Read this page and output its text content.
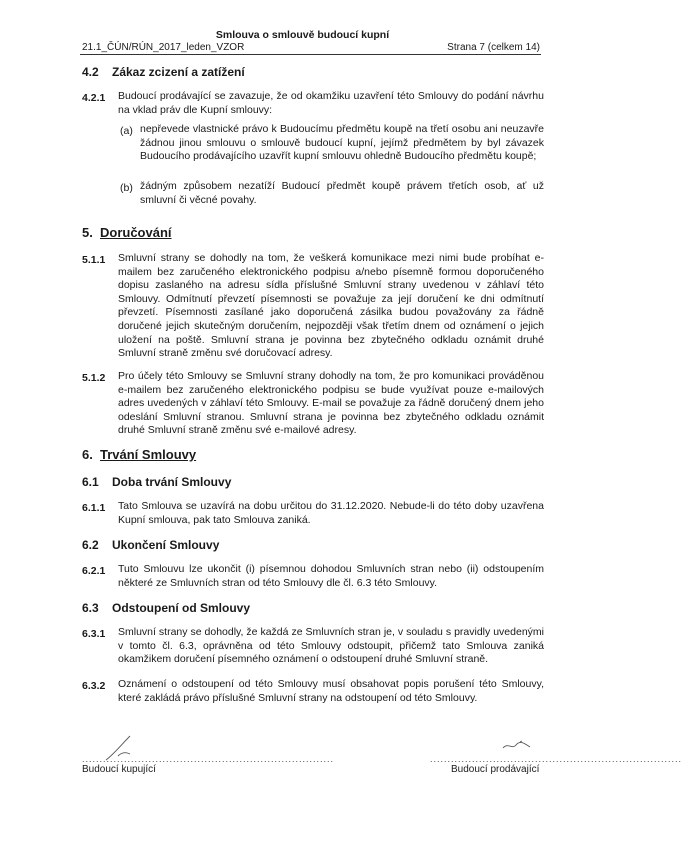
Smlouva o smlouvě budoucí kupní
21.1_ČÚN/RÚN_2017_leden_VZOR	Strana 7 (celkem 14)
4.2 Zákaz zcizení a zatížení
4.2.1 Budoucí prodávající se zavazuje, že od okamžiku uzavření této Smlouvy do podání návrhu na vklad práv dle Kupní smlouvy:
(a) nepřevede vlastnické právo k Budoucímu předmětu koupě na třetí osobu ani neuzavře žádnou jinou smlouvu o smlouvě budoucí kupní, jejímž předmětem by byl závazek Budoucího prodávajícího uzavřít kupní smlouvu ohledně Budoucího předmětu koupě;
(b) žádným způsobem nezatíží Budoucí předmět koupě právem třetích osob, ať už smluvní či věcné povahy.
5. Doručování
5.1.1 Smluvní strany se dohodly na tom, že veškerá komunikace mezi nimi bude probíhat e-mailem bez zaručeného elektronického podpisu a/nebo písemně formou doporučeného dopisu zaslaného na adresu sídla příslušné Smluvní strany uvedenou v záhlaví této Smlouvy. Odmítnutí převzetí písemnosti se považuje za její doručení ke dni odmítnutí převzetí. Písemnosti zasílané jako doporučená zásilka budou považovány za řádně doručené jejich skutečným doručením, nejpozději však třetím dnem od oznámení o jejich uložení na poště. Smluvní strana je povinna bez zbytečného odkladu oznámit druhé Smluvní straně změnu své doručovací adresy.
5.1.2 Pro účely této Smlouvy se Smluvní strany dohodly na tom, že pro komunikaci prováděnou e-mailem bez zaručeného elektronického podpisu se bude využívat pouze e-mailových adres uvedených v záhlaví této Smlouvy. E-mail se považuje za řádně doručený dnem jeho odeslání Smluvní stranou. Smluvní strana je povinna bez zbytečného odkladu oznámit druhé Smluvní straně změnu své e-mailové adresy.
6. Trvání Smlouvy
6.1 Doba trvání Smlouvy
6.1.1 Tato Smlouva se uzavírá na dobu určitou do 31.12.2020. Nebude-li do této doby uzavřena Kupní smlouva, pak tato Smlouva zaniká.
6.2 Ukončení Smlouvy
6.2.1 Tuto Smlouvu lze ukončit (i) písemnou dohodou Smluvních stran nebo (ii) odstoupením některé ze Smluvních stran od této Smlouvy dle čl. 6.3 této Smlouvy.
6.3 Odstoupení od Smlouvy
6.3.1 Smluvní strany se dohodly, že každá ze Smluvních stran je, v souladu s pravidly uvedenými v tomto čl. 6.3, oprávněna od této Smlouvy odstoupit, přičemž tato Smlouva zaniká okamžikem doručení písemného oznámení o odstoupení druhé Smluvní straně.
6.3.2 Oznámení o odstoupení od této Smlouvy musí obsahovat popis porušení této Smlouvy, které zakládá právo příslušné Smluvní strany na odstoupení od této Smlouvy.
........................................................................
Budoucí kupující
........................................................................
Budoucí prodávající
